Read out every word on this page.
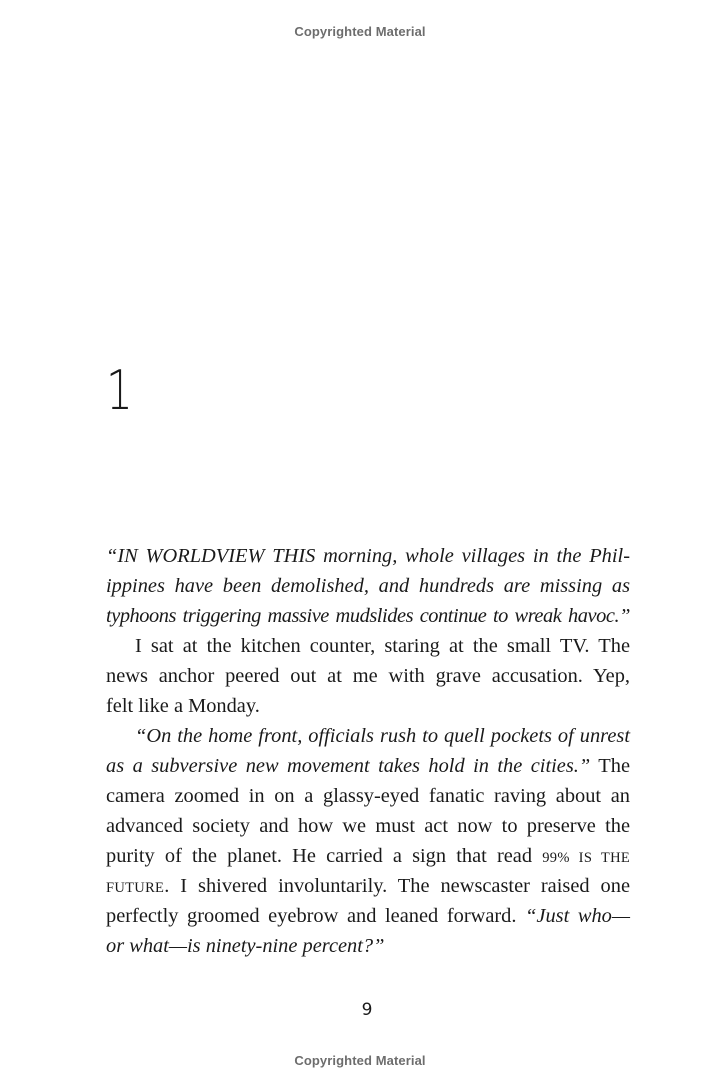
Copyrighted Material
1
“IN WORLDVIEW THIS morning, whole villages in the Phil-
ippines have been demolished, and hundreds are missing as
typhoons triggering massive mudslides continue to wreak havoc.”
I sat at the kitchen counter, staring at the small TV. The
news anchor peered out at me with grave accusation. Yep,
felt like a Monday.
“On the home front, officials rush to quell pockets of unrest
as a subversive new movement takes hold in the cities.” The
camera zoomed in on a glassy-eyed fanatic raving about an
advanced society and how we must act now to preserve the
purity of the planet. He carried a sign that read 99% IS THE
FUTURE. I shivered involuntarily. The newscaster raised one
perfectly groomed eyebrow and leaned forward. “Just who—
or what—is ninety-nine percent?”
9
Copyrighted Material
